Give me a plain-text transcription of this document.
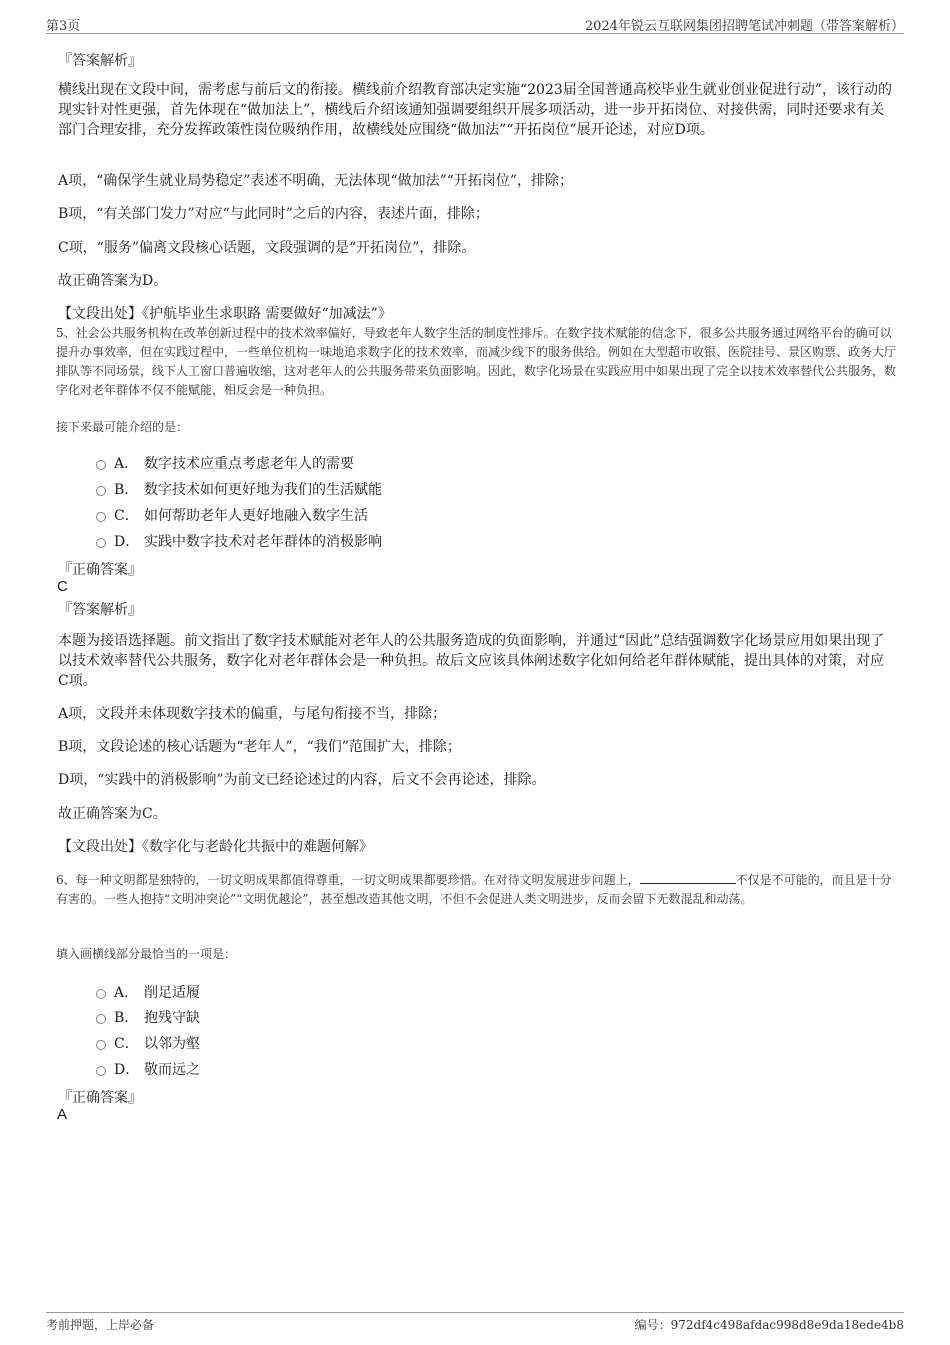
第3页	2024年锐云互联网集团招聘笔试冲刺题（带答案解析）
『答案解析』
横线出现在文段中间，需考虑与前后文的衔接。横线前介绍教育部决定实施“2023届全国普通高校毕业生就业创业促进行动”，该行动的现实针对性更强，首先体现在“做加法上”，横线后介绍该通知强调要组织开展多项活动，进一步开拓岗位、对接供需，同时还要求有关部门合理安排，充分发挥政策性岗位吸纳作用，故横线处应围绕“做加法”“开拓岗位”展开论述，对应D项。
A项，“确保学生就业局势稳定”表述不明确，无法体现“做加法”“开拓岗位”，排除；
B项，“有关部门发力”对应“与此同时”之后的内容，表述片面，排除；
C项，“服务”偏离文段核心话题，文段强调的是“开拓岗位”，排除。
故正确答案为D。
【文段出处】《护航毕业生求职路 需要做好“加减法”》
5、社会公共服务机构在改革创新过程中的技术效率偏好，导致老年人数字生活的制度性排斥。在数字技术赋能的信念下，很多公共服务通过网络平台的确可以提升办事效率，但在实践过程中，一些单位机构一味地追求数字化的技术效率，而减少线下的服务供给。例如在大型超市收银、医院挂号、景区购票、政务大厅排队等不同场景，线下人工窗口普遍收缩，这对老年人的公共服务带来负面影响。因此，数字化场景在实践应用中如果出现了完全以技术效率替代公共服务，数字化对老年群体不仅不能赋能，相反会是一种负担。
接下来最可能介绍的是：
A． 数字技术应重点考虑老年人的需要
B． 数字技术如何更好地为我们的生活赋能
C． 如何帮助老年人更好地融入数字生活
D． 实践中数字技术对老年群体的消极影响
『正确答案』
C
『答案解析』
本题为接语选择题。前文指出了数字技术赋能对老年人的公共服务造成的负面影响，并通过“因此”总结强调数字化场景应用如果出现了以技术效率替代公共服务，数字化对老年群体会是一种负担。故后文应该具体阐述数字化如何给老年群体赋能，提出具体的对策，对应C项。
A项，文段并未体现数字技术的偏重，与尾句衔接不当，排除；
B项，文段论述的核心话题为“老年人”，“我们”范围扩大，排除；
D项，“实践中的消极影响”为前文已经论述过的内容，后文不会再论述，排除。
故正确答案为C。
【文段出处】《数字化与老龄化共振中的难题何解》
6、每一种文明都是独特的，一切文明成果都值得尊重，一切文明成果都要珍惜。在对待文明发展进步问题上，	不仅是不可能的，而且是十分有害的。一些人抱持“文明冲突论”“文明优越论”，甚至想改造其他文明，不但不会促进人类文明进步，反而会留下无数混乱和动荡。
填入画横线部分最恰当的一项是：
A． 削足适履
B． 抱残守缺
C． 以邻为壑
D． 敬而远之
『正确答案』
A
考前押题，上岸必备	编号：972df4c498afdac998d8e9da18ede4b8
